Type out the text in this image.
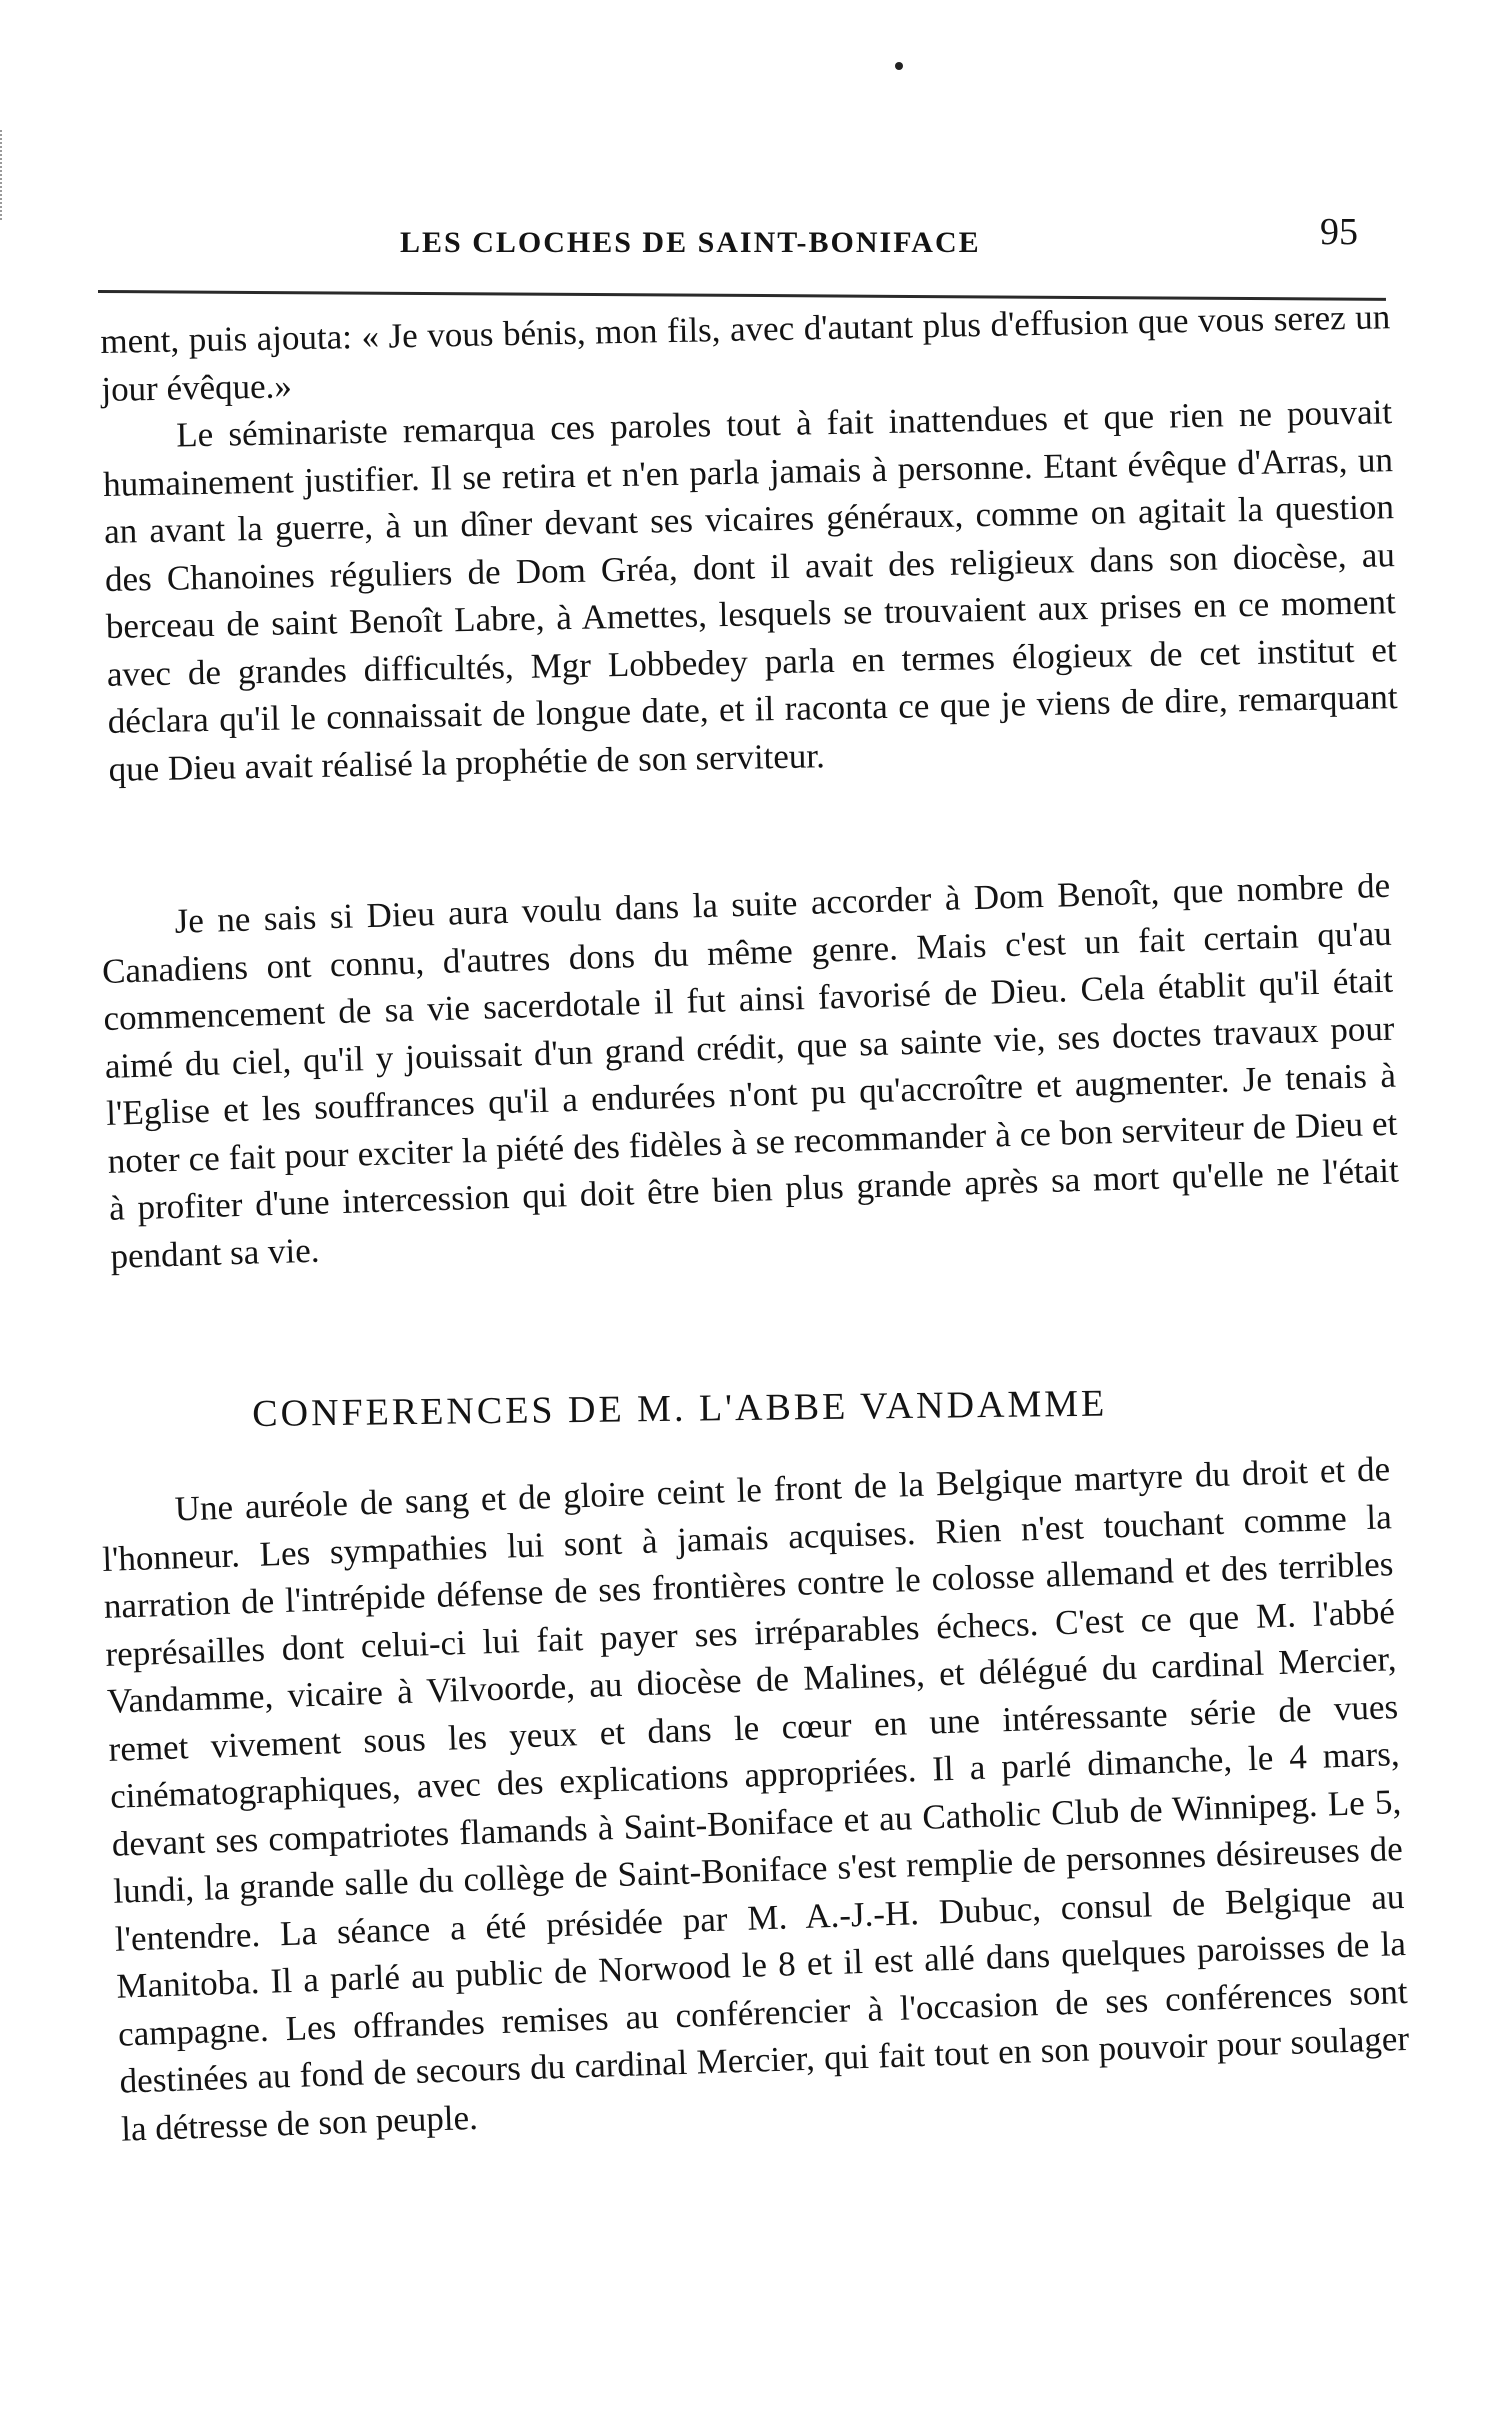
LES CLOCHES DE SAINT-BONIFACE	95

ment, puis ajouta: « Je vous bénis, mon fils, avec d'autant plus d'effusion que vous serez un jour évêque.»

Le séminariste remarqua ces paroles tout à fait inattendues et que rien ne pouvait humainement justifier. Il se retira et n'en parla jamais à personne. Etant évêque d'Arras, un an avant la guerre, à un dîner devant ses vicaires généraux, comme on agitait la question des Chanoines réguliers de Dom Gréa, dont il avait des religieux dans son diocèse, au berceau de saint Benoît Labre, à Amettes, lesquels se trouvaient aux prises en ce moment avec de grandes difficultés, Mgr Lobbedey parla en termes élogieux de cet institut et déclara qu'il le connaissait de longue date, et il raconta ce que je viens de dire, remarquant que Dieu avait réalisé la prophétie de son serviteur.

Je ne sais si Dieu aura voulu dans la suite accorder à Dom Benoît, que nombre de Canadiens ont connu, d'autres dons du même genre. Mais c'est un fait certain qu'au commencement de sa vie sacerdotale il fut ainsi favorisé de Dieu. Cela établit qu'il était aimé du ciel, qu'il y jouissait d'un grand crédit, que sa sainte vie, ses doctes travaux pour l'Eglise et les souffrances qu'il a endurées n'ont pu qu'accroître et augmenter. Je tenais à noter ce fait pour exciter la piété des fidèles à se recommander à ce bon serviteur de Dieu et à profiter d'une intercession qui doit être bien plus grande après sa mort qu'elle ne l'était pendant sa vie.

CONFERENCES DE M. L'ABBE VANDAMME

Une auréole de sang et de gloire ceint le front de la Belgique martyre du droit et de l'honneur. Les sympathies lui sont à jamais acquises. Rien n'est touchant comme la narration de l'intrépide défense de ses frontières contre le colosse allemand et des terribles représailles dont celui-ci lui fait payer ses irréparables échecs. C'est ce que M. l'abbé Vandamme, vicaire à Vilvoorde, au diocèse de Malines, et délégué du cardinal Mercier, remet vivement sous les yeux et dans le cœur en une intéressante série de vues cinématographiques, avec des explications appropriées. Il a parlé dimanche, le 4 mars, devant ses compatriotes flamands à Saint-Boniface et au Catholic Club de Winnipeg. Le 5, lundi, la grande salle du collège de Saint-Boniface s'est remplie de personnes désireuses de l'entendre. La séance a été présidée par M. A.-J.-H. Dubuc, consul de Belgique au Manitoba. Il a parlé au public de Norwood le 8 et il est allé dans quelques paroisses de la campagne. Les offrandes remises au conférencier à l'occasion de ses conférences sont destinées au fond de secours du cardinal Mercier, qui fait tout en son pouvoir pour soulager la détresse de son peuple.
